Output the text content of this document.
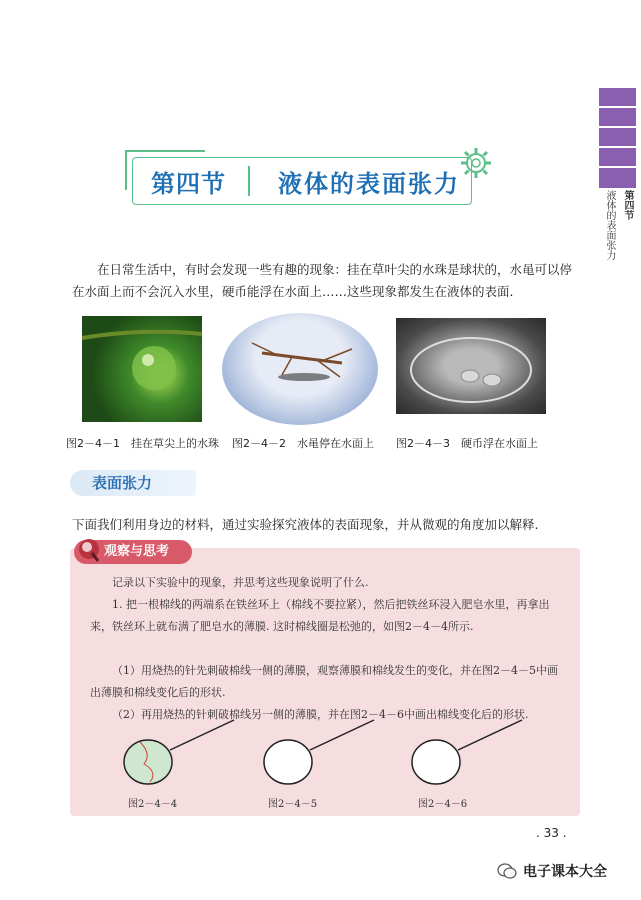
第四节
液体的表面张力
第四节 液体的表面张力

在日常生活中，有时会发现一些有趣的现象：挂在草叶尖的水珠是球状的，水黾可以停在水面上而不会沉入水里，硬币能浮在水面上……这些现象都发生在液体的表面.

图2－4－1　挂在草尖上的水珠 图2－4－2　水黾停在水面上 图2－4－3　硬币浮在水面上
表面张力

下面我们利用身边的材料，通过实验探究液体的表面现象，并从微观的角度加以解释.

观察与思考

记录以下实验中的现象，并思考这些现象说明了什么.

1. 把一根棉线的两端系在铁丝环上（棉线不要拉紧），然后把铁丝环浸入肥皂水里，再拿出来，铁丝环上就布满了肥皂水的薄膜. 这时棉线圈是松弛的，如图2－4－4所示.

（1）用烧热的针先刺破棉线一侧的薄膜，观察薄膜和棉线发生的变化，并在图2－4－5中画出薄膜和棉线变化后的形状.

（2）再用烧热的针刺破棉线另一侧的薄膜，并在图2－4－6中画出棉线变化后的形状.

图2－4－4	图2－4－5	图2－4－6
. 33 .
电子课本大全
